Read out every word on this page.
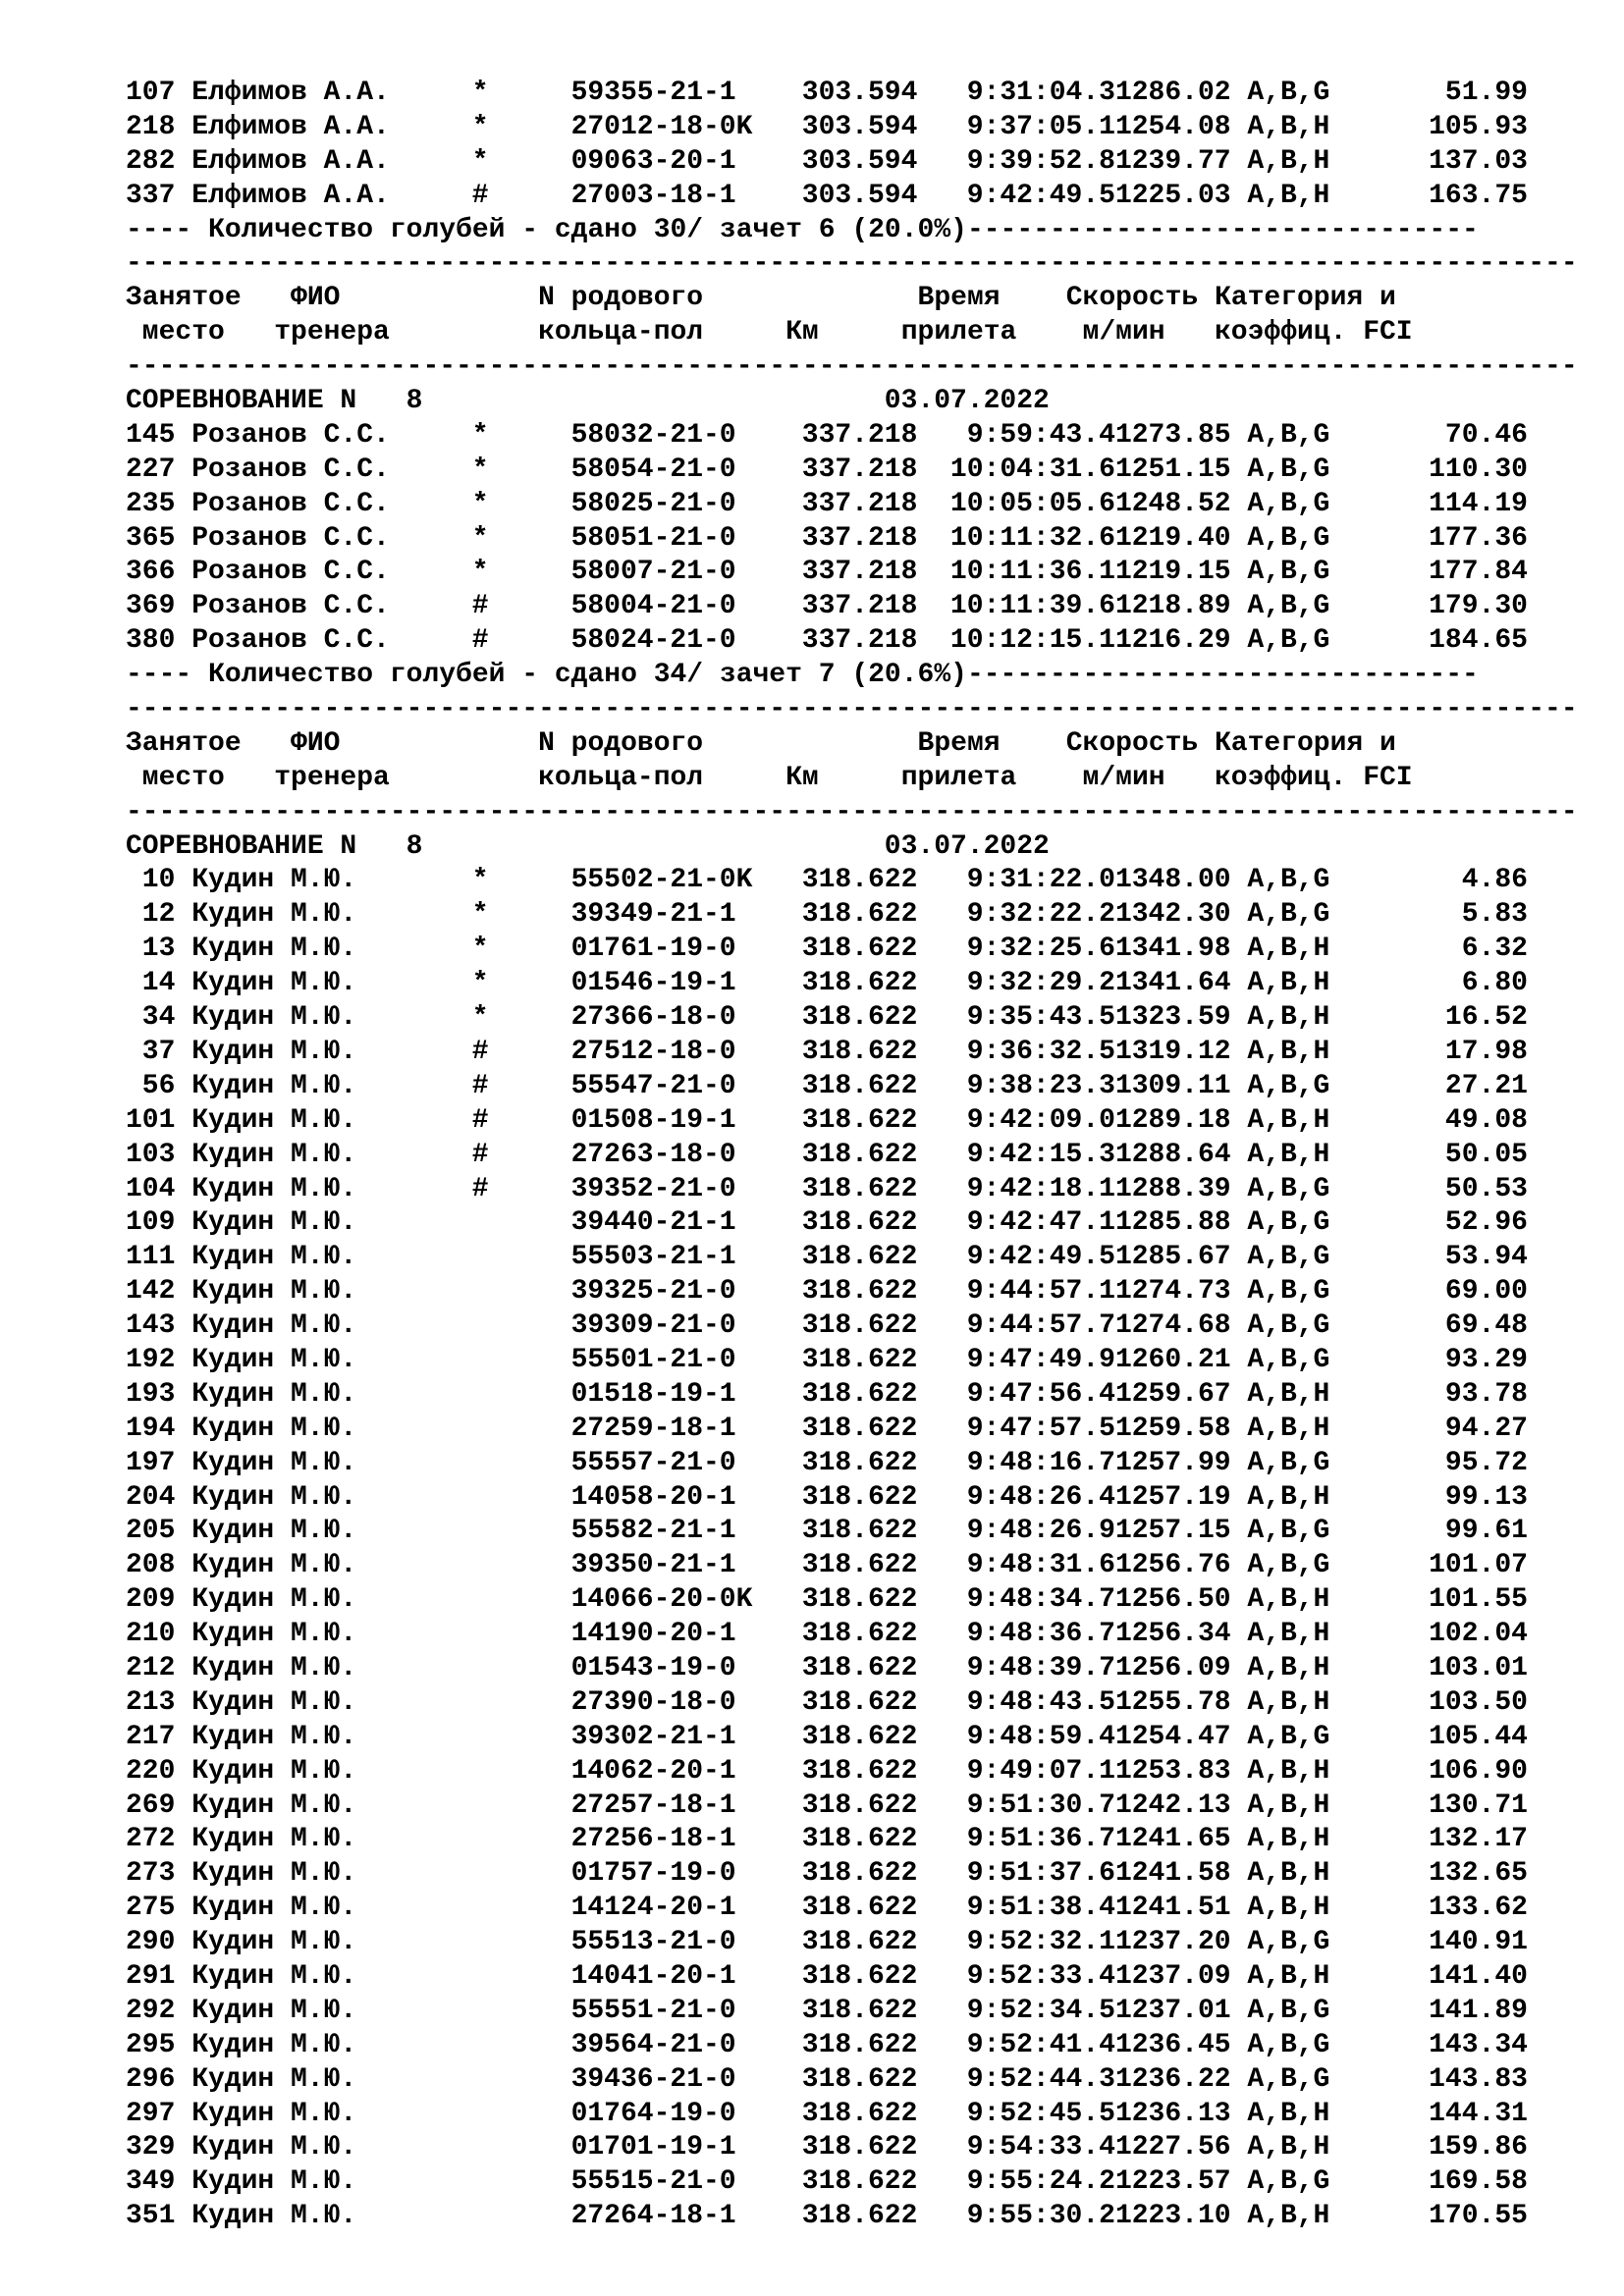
107 Елфимов А.А.	*	59355-21-1 303.594 9:31:04.31286.02 A,B,G	51.99
218 Елфимов А.А.	*	27012-18-0K 303.594 9:37:05.11254.08 A,B,H	105.93
282 Елфимов А.А.	*	09063-20-1 303.594 9:39:52.81239.77 A,B,H	137.03
337 Елфимов А.А.	#	27003-18-1 303.594 9:42:49.51225.03 A,B,H	163.75
---- Количество голубей - сдано 30/ зачет 6 (20.0%)-------------------------------
----------------------------------------------------------------------------------------
Занятое   ФИО            N родового             Время    Скорость Категория и
место   тренера         кольца-пол     Км     прилета    м/мин   коэффиц. FCI
----------------------------------------------------------------------------------------
СОРЕВНОВАНИЕ N   8	03.07.2022
145 Розанов С.С.	*	58032-21-0 337.218 9:59:43.41273.85 A,B,G	70.46
227 Розанов С.С.	*	58054-21-0 337.218 10:04:31.61251.15 A,B,G	110.30
235 Розанов С.С.	*	58025-21-0 337.218 10:05:05.61248.52 A,B,G	114.19
365 Розанов С.С.	*	58051-21-0 337.218 10:11:32.61219.40 A,B,G	177.36
366 Розанов С.С.	*	58007-21-0 337.218 10:11:36.11219.15 A,B,G	177.84
369 Розанов С.С.	#	58004-21-0 337.218 10:11:39.61218.89 A,B,G	179.30
380 Розанов С.С.	#	58024-21-0 337.218 10:12:15.11216.29 A,B,G	184.65
---- Количество голубей - сдано 34/ зачет 7 (20.6%)-------------------------------
----------------------------------------------------------------------------------------
Занятое   ФИО            N родового             Время    Скорость Категория и
место   тренера         кольца-пол     Км     прилета    м/мин   коэффиц. FCI
----------------------------------------------------------------------------------------
СОРЕВНОВАНИЕ N   8	03.07.2022
10 Кудин М.Ю.	*	55502-21-0K 318.622 9:31:22.01348.00 A,B,G	4.86
12 Кудин М.Ю.	*	39349-21-1 318.622 9:32:22.21342.30 A,B,G	5.83
13 Кудин М.Ю.	*	01761-19-0 318.622 9:32:25.61341.98 A,B,H	6.32
14 Кудин М.Ю.	*	01546-19-1 318.622 9:32:29.21341.64 A,B,H	6.80
34 Кудин М.Ю.	*	27366-18-0 318.622 9:35:43.51323.59 A,B,H	16.52
37 Кудин М.Ю.	#	27512-18-0 318.622 9:36:32.51319.12 A,B,H	17.98
56 Кудин М.Ю.	#	55547-21-0 318.622 9:38:23.31309.11 A,B,G	27.21
101 Кудин М.Ю.	#	01508-19-1 318.622 9:42:09.01289.18 A,B,H	49.08
103 Кудин М.Ю.	#	27263-18-0 318.622 9:42:15.31288.64 A,B,H	50.05
104 Кудин М.Ю.	#	39352-21-0 318.622 9:42:18.11288.39 A,B,G	50.53
109 Кудин М.Ю.	39440-21-1 318.622 9:42:47.11285.88 A,B,G	52.96
111 Кудин М.Ю.	55503-21-1 318.622 9:42:49.51285.67 A,B,G	53.94
142 Кудин М.Ю.	39325-21-0 318.622 9:44:57.11274.73 A,B,G	69.00
143 Кудин М.Ю.	39309-21-0 318.622 9:44:57.71274.68 A,B,G	69.48
192 Кудин М.Ю.	55501-21-0 318.622 9:47:49.91260.21 A,B,G	93.29
193 Кудин М.Ю.	01518-19-1 318.622 9:47:56.41259.67 A,B,H	93.78
194 Кудин М.Ю.	27259-18-1 318.622 9:47:57.51259.58 A,B,H	94.27
197 Кудин М.Ю.	55557-21-0 318.622 9:48:16.71257.99 A,B,G	95.72
204 Кудин М.Ю.	14058-20-1 318.622 9:48:26.41257.19 A,B,H	99.13
205 Кудин М.Ю.	55582-21-1 318.622 9:48:26.91257.15 A,B,G	99.61
208 Кудин М.Ю.	39350-21-1 318.622 9:48:31.61256.76 A,B,G	101.07
209 Кудин М.Ю.	14066-20-0K 318.622 9:48:34.71256.50 A,B,H	101.55
210 Кудин М.Ю.	14190-20-1 318.622 9:48:36.71256.34 A,B,H	102.04
212 Кудин М.Ю.	01543-19-0 318.622 9:48:39.71256.09 A,B,H	103.01
213 Кудин М.Ю.	27390-18-0 318.622 9:48:43.51255.78 A,B,H	103.50
217 Кудин М.Ю.	39302-21-1 318.622 9:48:59.41254.47 A,B,G	105.44
220 Кудин М.Ю.	14062-20-1 318.622 9:49:07.11253.83 A,B,H	106.90
269 Кудин М.Ю.	27257-18-1 318.622 9:51:30.71242.13 A,B,H	130.71
272 Кудин М.Ю.	27256-18-1 318.622 9:51:36.71241.65 A,B,H	132.17
273 Кудин М.Ю.	01757-19-0 318.622 9:51:37.61241.58 A,B,H	132.65
275 Кудин М.Ю.	14124-20-1 318.622 9:51:38.41241.51 A,B,H	133.62
290 Кудин М.Ю.	55513-21-0 318.622 9:52:32.11237.20 A,B,G	140.91
291 Кудин М.Ю.	14041-20-1 318.622 9:52:33.41237.09 A,B,H	141.40
292 Кудин М.Ю.	55551-21-0 318.622 9:52:34.51237.01 A,B,G	141.89
295 Кудин М.Ю.	39564-21-0 318.622 9:52:41.41236.45 A,B,G	143.34
296 Кудин М.Ю.	39436-21-0 318.622 9:52:44.31236.22 A,B,G	143.83
297 Кудин М.Ю.	01764-19-0 318.622 9:52:45.51236.13 A,B,H	144.31
329 Кудин М.Ю.	01701-19-1 318.622 9:54:33.41227.56 A,B,H	159.86
349 Кудин М.Ю.	55515-21-0 318.622 9:55:24.21223.57 A,B,G	169.58
351 Кудин М.Ю.	27264-18-1 318.622 9:55:30.21223.10 A,B,H	170.55
